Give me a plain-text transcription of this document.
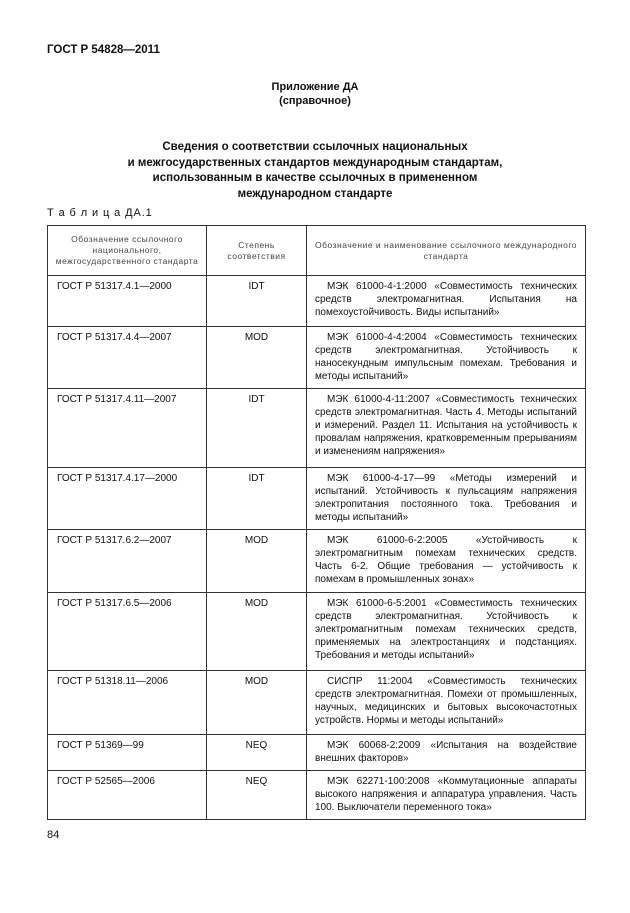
ГОСТ Р 54828—2011
Приложение ДА
(справочное)
Сведения о соответствии ссылочных национальных
и межгосударственных стандартов международным стандартам,
использованным в качестве ссылочных в примененном
международном стандарте
Т а б л и ц а ДА.1
Обозначение ссылочного национального, межгосударственного стандарта	Степень соответствия	Обозначение и наименование ссылочного международного стандарта
ГОСТ Р 51317.4.1—2000	IDT	МЭК 61000-4-1:2000 «Совместимость технических средств электромагнитная. Испытания на помехоустойчивость. Виды испытаний»
ГОСТ Р 51317.4.4—2007	MOD	МЭК 61000-4-4:2004 «Совместимость технических средств электромагнитная. Устойчивость к наносекундным импульсным помехам. Требования и методы испытаний»
ГОСТ Р 51317.4.11—2007	IDT	МЭК 61000-4-11:2007 «Совместимость технических средств электромагнитная. Часть 4. Методы испытаний и измерений. Раздел 11. Испытания на устойчивость к провалам напряжения, кратковременным прерываниям и изменениям напряжения»
ГОСТ Р 51317.4.17—2000	IDT	МЭК 61000-4-17—99 «Методы измерений и испытаний. Устойчивость к пульсациям напряжения электропитания постоянного тока. Требования и методы испытаний»
ГОСТ Р 51317.6.2—2007	MOD	МЭК 61000-6-2:2005 «Устойчивость к электромагнитным помехам технических средств. Часть 6-2. Общие требования — устойчивость к помехам в промышленных зонах»
ГОСТ Р 51317.6.5—2006	MOD	МЭК 61000-6-5:2001 «Совместимость технических средств электромагнитная. Устойчивость к электромагнитным помехам технических средств, применяемых на электростанциях и подстанциях. Требования и методы испытаний»
ГОСТ Р 51318.11—2006	MOD	СИСПР 11:2004 «Совместимость технических средств электромагнитная. Помехи от промышленных, научных, медицинских и бытовых высокочастотных устройств. Нормы и методы испытаний»
ГОСТ Р 51369—99	NEQ	МЭК 60068-2:2009 «Испытания на воздействие внешних факторов»
ГОСТ Р 52565—2006	NEQ	МЭК 62271-100:2008 «Коммутационные аппараты высокого напряжения и аппаратура управления. Часть 100. Выключатели переменного тока»
84
